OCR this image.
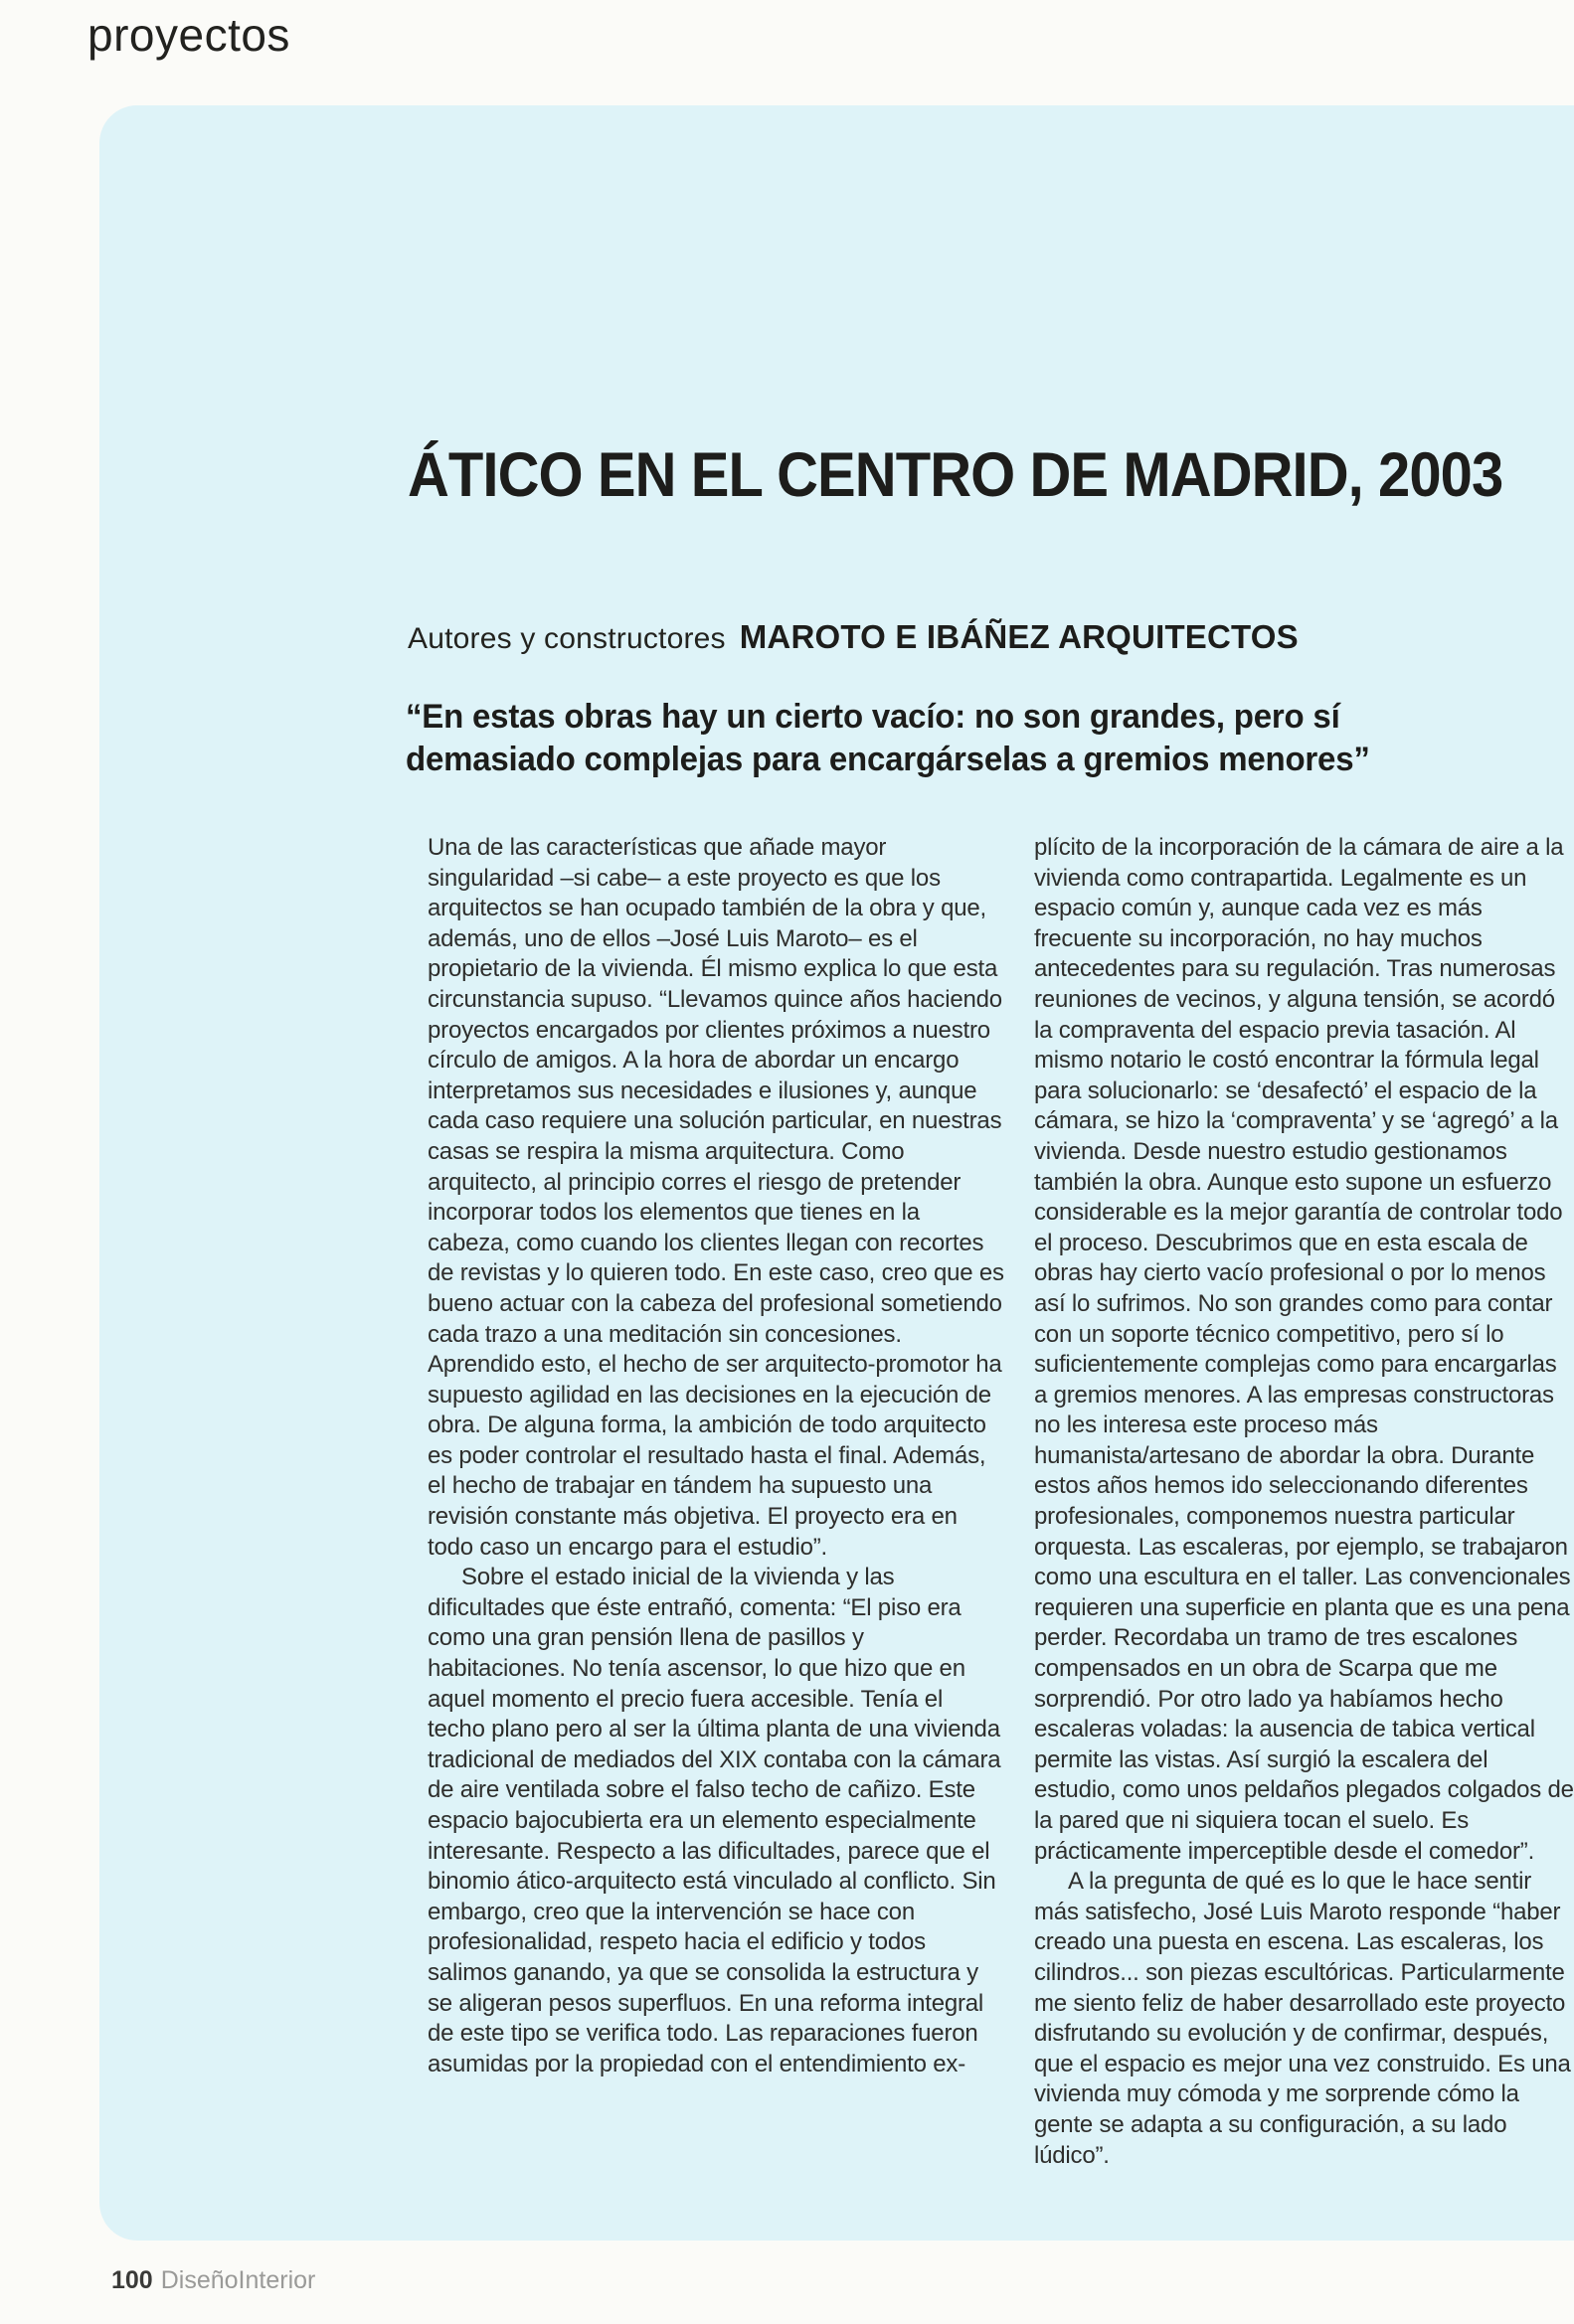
proyectos
ÁTICO EN EL CENTRO DE MADRID, 2003
Autores y constructores MAROTO E IBÁÑEZ ARQUITECTOS
“En estas obras hay un cierto vacío: no son grandes, pero sí demasiado complejas para encargárselas a gremios menores”

Una de las características que añade mayor singularidad –si cabe– a este proyecto es que los arquitectos se han ocupado también de la obra y que, además, uno de ellos –José Luis Maroto– es el propietario de la vivienda. Él mismo explica lo que esta circunstancia supuso. “Llevamos quince años haciendo proyectos encargados por clientes próximos a nuestro círculo de amigos. A la hora de abordar un encargo interpretamos sus necesidades e ilusiones y, aunque cada caso requiere una solución particular, en nuestras casas se respira la misma arquitectura. Como arquitecto, al principio corres el riesgo de pretender incorporar todos los elementos que tienes en la cabeza, como cuando los clientes llegan con recortes de revistas y lo quieren todo. En este caso, creo que es bueno actuar con la cabeza del profesional sometiendo cada trazo a una meditación sin concesiones. Aprendido esto, el hecho de ser arquitecto-promotor ha supuesto agilidad en las decisiones en la ejecución de obra. De alguna forma, la ambición de todo arquitecto es poder controlar el resultado hasta el final. Además, el hecho de trabajar en tándem ha supuesto una revisión constante más objetiva. El proyecto era en todo caso un encargo para el estudio”.

Sobre el estado inicial de la vivienda y las dificultades que éste entrañó, comenta: “El piso era como una gran pensión llena de pasillos y habitaciones. No tenía ascensor, lo que hizo que en aquel momento el precio fuera accesible. Tenía el techo plano pero al ser la última planta de una vivienda tradicional de mediados del XIX contaba con la cámara de aire ventilada sobre el falso techo de cañizo. Este espacio bajocubierta era un elemento especialmente interesante. Respecto a las dificultades, parece que el binomio ático-arquitecto está vinculado al conflicto. Sin embargo, creo que la intervención se hace con profesionalidad, respeto hacia el edificio y todos salimos ganando, ya que se consolida la estructura y se aligeran pesos superfluos. En una reforma integral de este tipo se verifica todo. Las reparaciones fueron asumidas por la propiedad con el entendimiento ex-

plícito de la incorporación de la cámara de aire a la vivienda como contrapartida. Legalmente es un espacio común y, aunque cada vez es más frecuente su incorporación, no hay muchos antecedentes para su regulación. Tras numerosas reuniones de vecinos, y alguna tensión, se acordó la compraventa del espacio previa tasación. Al mismo notario le costó encontrar la fórmula legal para solucionarlo: se ‘desafectó’ el espacio de la cámara, se hizo la ‘compraventa’ y se ‘agregó’ a la vivienda. Desde nuestro estudio gestionamos también la obra. Aunque esto supone un esfuerzo considerable es la mejor garantía de controlar todo el proceso. Descubrimos que en esta escala de obras hay cierto vacío profesional o por lo menos así lo sufrimos. No son grandes como para contar con un soporte técnico competitivo, pero sí lo suficientemente complejas como para encargarlas a gremios menores. A las empresas constructoras no les interesa este proceso más humanista/artesano de abordar la obra. Durante estos años hemos ido seleccionando diferentes profesionales, componemos nuestra particular orquesta. Las escaleras, por ejemplo, se trabajaron como una escultura en el taller. Las convencionales requieren una superficie en planta que es una pena perder. Recordaba un tramo de tres escalones compensados en un obra de Scarpa que me sorprendió. Por otro lado ya habíamos hecho escaleras voladas: la ausencia de tabica vertical permite las vistas. Así surgió la escalera del estudio, como unos peldaños plegados colgados de la pared que ni siquiera tocan el suelo. Es prácticamente imperceptible desde el comedor”.

A la pregunta de qué es lo que le hace sentir más satisfecho, José Luis Maroto responde “haber creado una puesta en escena. Las escaleras, los cilindros... son piezas escultóricas. Particularmente me siento feliz de haber desarrollado este proyecto disfrutando su evolución y de confirmar, después, que el espacio es mejor una vez construido. Es una vivienda muy cómoda y me sorprende cómo la gente se adapta a su configuración, a su lado lúdico”.

100 DiseñoInterior
